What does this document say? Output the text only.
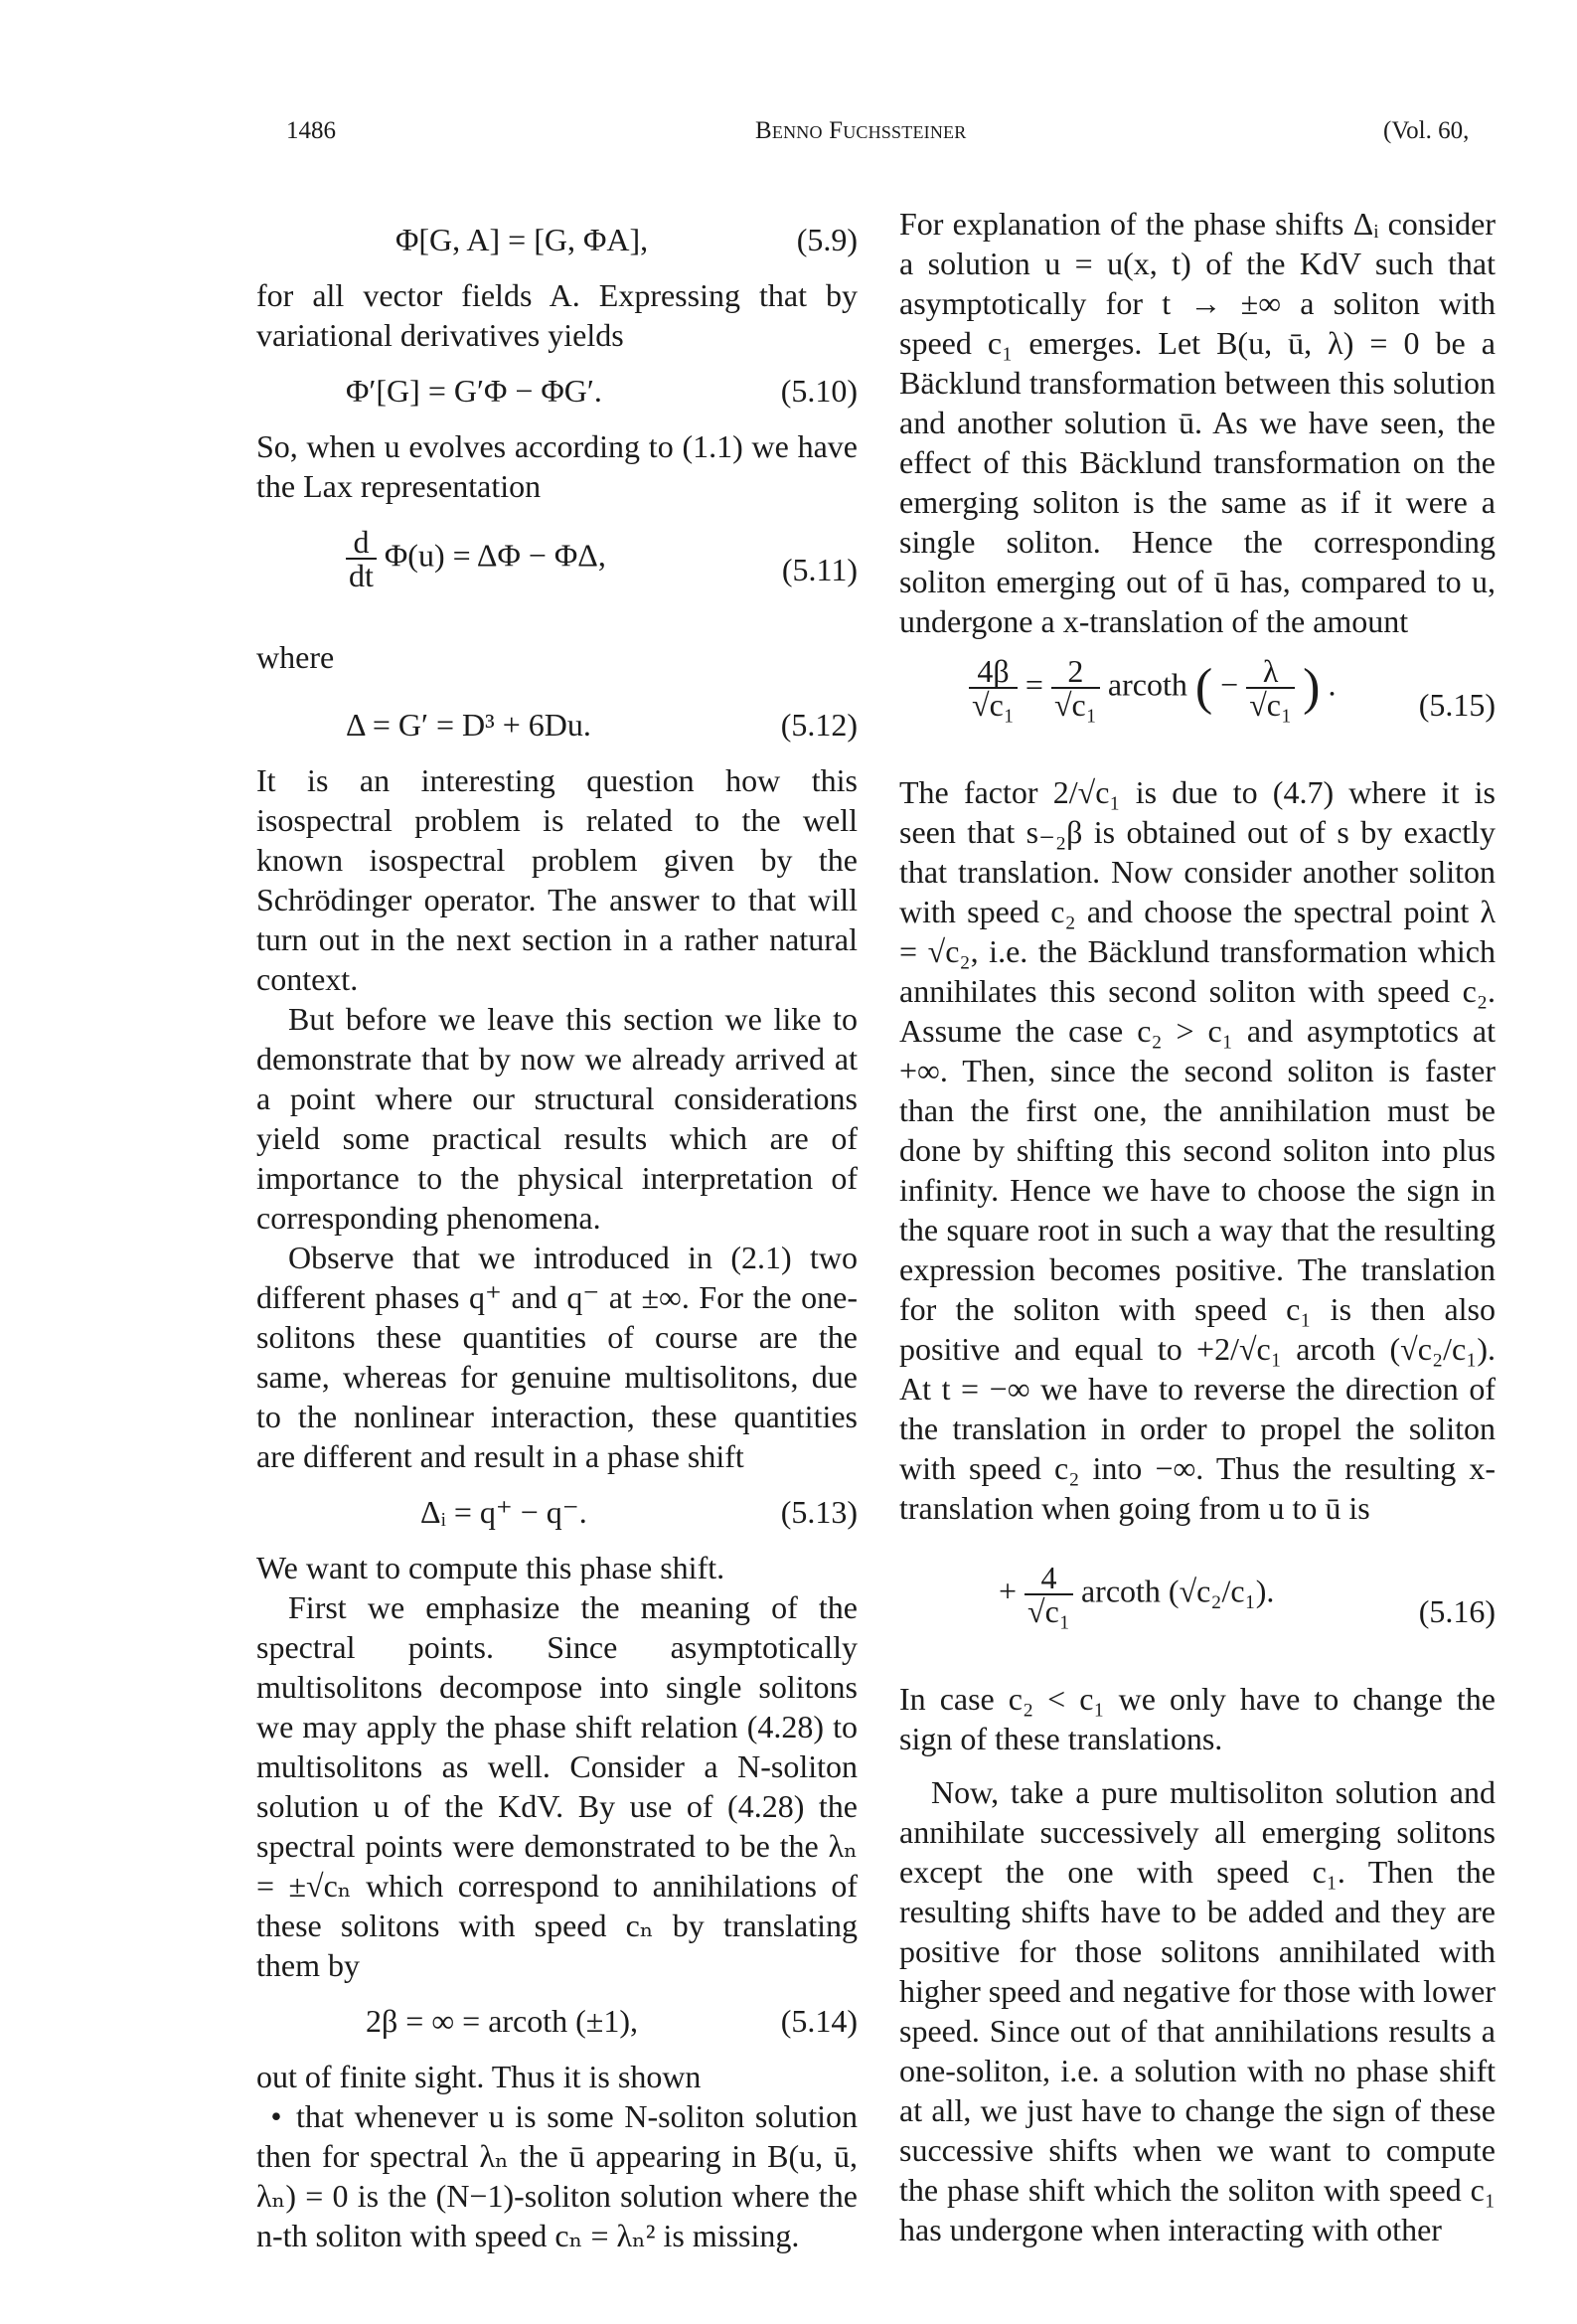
1486	Benno Fuchssteiner	(Vol. 60,
Φ[G, A] = [G, ΦA],	(5.9)

for all vector fields A. Expressing that by variational derivatives yields

Φ′[G] = G′Φ − ΦG′.	(5.10)

So, when u evolves according to (1.1) we have the Lax representation

$\frac{d}{dt} \Phi(u) = \Delta\Phi - \Phi\Delta$,	(5.11)

where

Δ = G′ = D³ + 6Du.	(5.12)

It is an interesting question how this isospectral problem is related to the well known isospectral problem given by the Schrödinger operator. The answer to that will turn out in the next section in a rather natural context.

But before we leave this section we like to demonstrate that by now we already arrived at a point where our structural considerations yield some practical results which are of importance to the physical interpretation of corresponding phenomena.

Observe that we introduced in (2.1) two different phases q⁺ and q⁻ at ±∞. For the one-solitons these quantities of course are the same, whereas for genuine multisolitons, due to the nonlinear interaction, these quantities are different and result in a phase shift

Δᵢ = q⁺ − q⁻.	(5.13)

We want to compute this phase shift.

First we emphasize the meaning of the spectral points. Since asymptotically multisolitons decompose into single solitons we may apply the phase shift relation (4.28) to multisolitons as well. Consider a N-soliton solution u of the KdV. By use of (4.28) the spectral points were demonstrated to be the λₙ = ±√cₙ which correspond to annihilations of these solitons with speed cₙ by translating them by

2β = ∞ = arcoth (±1),	(5.14)

out of finite sight. Thus it is shown

• that whenever u is some N-soliton solution then for spectral λₙ the ū appearing in B(u, ū, λₙ) = 0 is the (N−1)-soliton solution where the n-th soliton with speed cₙ = λₙ² is missing.

For explanation of the phase shifts Δᵢ consider a solution u = u(x, t) of the KdV such that asymptotically for t → ±∞ a soliton with speed c₁ emerges. Let B(u, ū, λ) = 0 be a Bäcklund transformation between this solution and another solution ū. As we have seen, the effect of this Bäcklund transformation on the emerging soliton is the same as if it were a single soliton. Hence the corresponding soliton emerging out of ū has, compared to u, undergone a x-translation of the amount

$\frac{4\beta}{\text{√c₁}} = \frac{2}{\text{√c₁}}$ arcoth ( − $\frac{\lambda}{\text{√c₁}}$ ) .
(5.15)

The factor 2/√c₁ is due to (4.7) where it is seen that s₋₂β is obtained out of s by exactly that translation. Now consider another soliton with speed c₂ and choose the spectral point λ = √c₂, i.e. the Bäcklund transformation which annihilates this second soliton with speed c₂. Assume the case c₂ > c₁ and asymptotics at +∞. Then, since the second soliton is faster than the first one, the annihilation must be done by shifting this second soliton into plus infinity. Hence we have to choose the sign in the square root in such a way that the resulting expression becomes positive. The translation for the soliton with speed c₁ is then also positive and equal to +2/√c₁ arcoth (√c₂/c₁). At t = −∞ we have to reverse the direction of the translation in order to propel the soliton with speed c₂ into −∞. Thus the resulting x-translation when going from u to ū is

+ $\frac{4}{\text{√c₁}}$ arcoth (√c₂/c₁).
(5.16)

In case c₂ < c₁ we only have to change the sign of these translations.

Now, take a pure multisoliton solution and annihilate successively all emerging solitons except the one with speed c₁. Then the resulting shifts have to be added and they are positive for those solitons annihilated with higher speed and negative for those with lower speed. Since out of that annihilations results a one-soliton, i.e. a solution with no phase shift at all, we just have to change the sign of these successive shifts when we want to compute the phase shift which the soliton with speed c₁ has undergone when interacting with other
